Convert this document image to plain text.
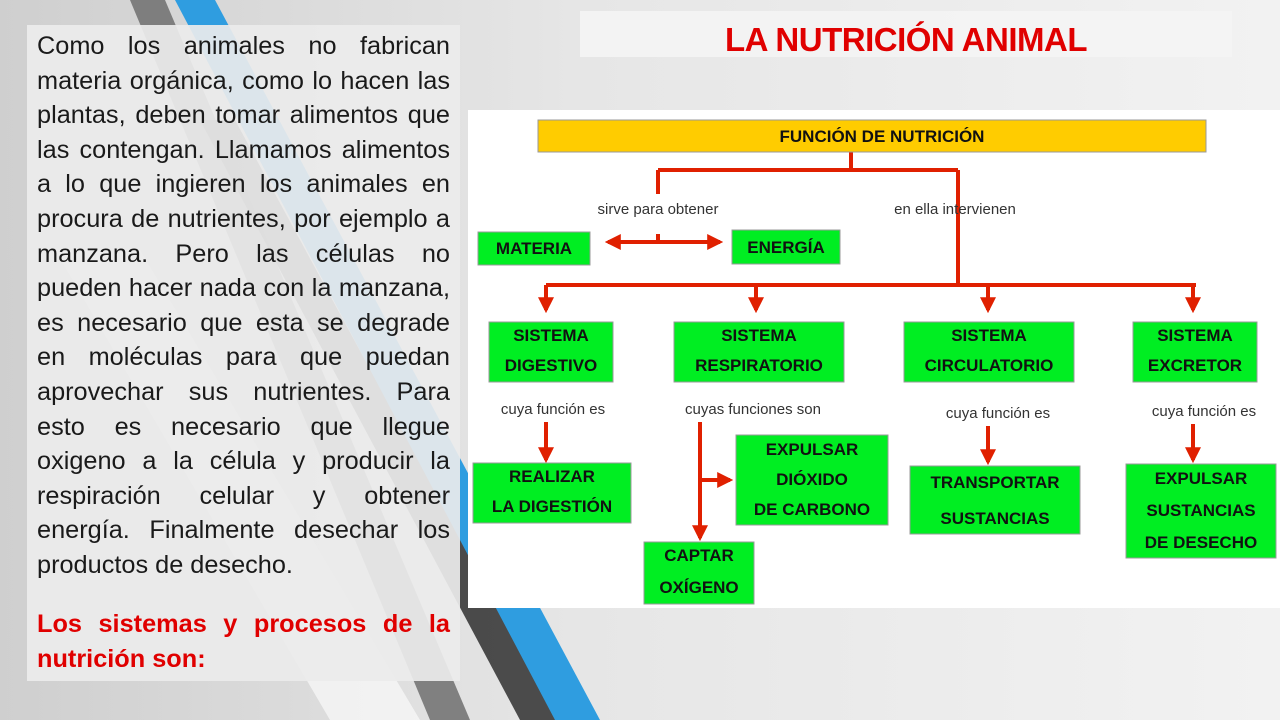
Como los animales no fabrican materia orgánica, como lo hacen las plantas, deben tomar alimentos que las contengan. Llamamos alimentos a lo que ingieren los animales en procura de nutrientes, por ejemplo a manzana. Pero las células no pueden hacer nada con la manzana, es necesario que esta se degrade en moléculas para que puedan aprovechar sus nutrientes. Para esto es necesario que llegue oxigeno a la célula y producir la respiración celular y obtener energía. Finalmente desechar los productos de desecho.

Los sistemas y procesos de la nutrición son:

LA NUTRICIÓN ANIMAL
FUNCIÓN DE NUTRICIÓN
sirve para obtener	en ella intervienen
MATERIA	ENERGÍA
SISTEMA
DIGESTIVO
SISTEMA
RESPIRATORIO
SISTEMA
CIRCULATORIO
SISTEMA
EXCRETOR
cuya función es	cuyas funciones son	cuya función es	cuya función es
REALIZAR
LA DIGESTIÓN
EXPULSAR
DIÓXIDO
DE CARBONO
CAPTAR
OXÍGENO
TRANSPORTAR
SUSTANCIAS
EXPULSAR
SUSTANCIAS
DE DESECHO
